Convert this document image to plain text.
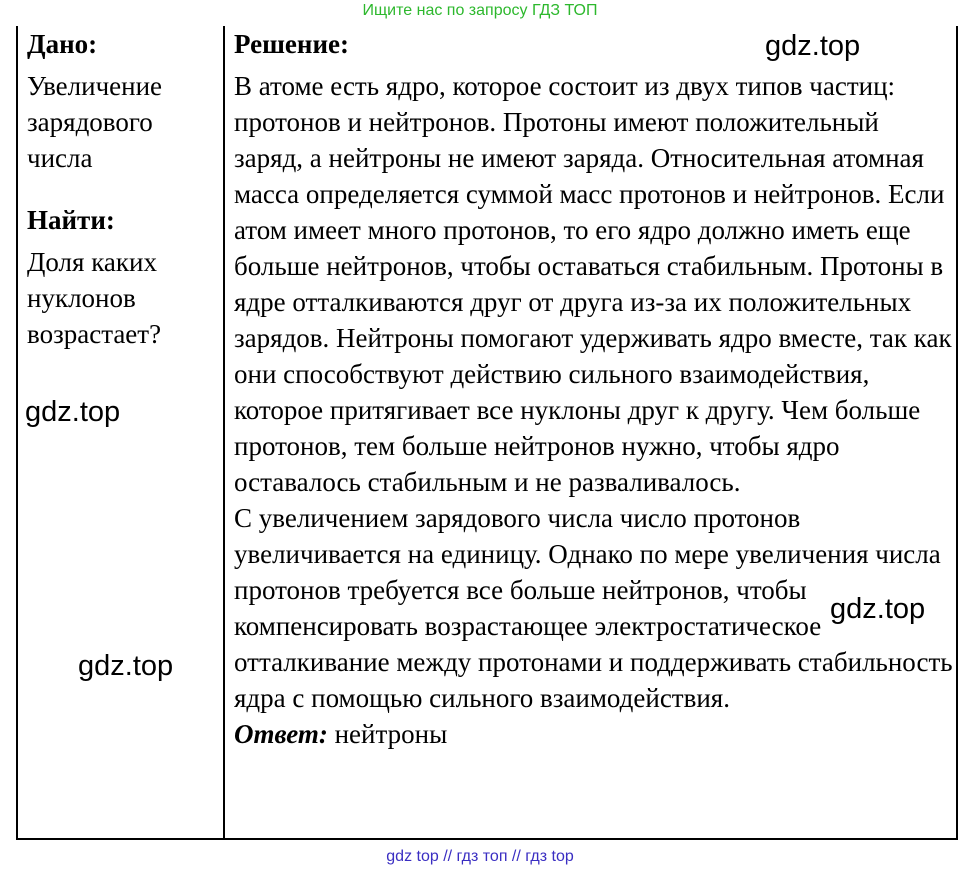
Ищите нас по запросу ГДЗ ТОП
Дано:
Увеличение зарядового числа
Найти:
Доля каких нуклонов возрастает?
Решение:
В атоме есть ядро, которое состоит из двух типов частиц: протонов и нейтронов. Протоны имеют положительный заряд, а нейтроны не имеют заряда. Относительная атомная масса определяется суммой масс протонов и нейтронов. Если атом имеет много протонов, то его ядро должно иметь еще больше нейтронов, чтобы оставаться стабильным. Протоны в ядре отталкиваются друг от друга из-за их положительных зарядов. Нейтроны помогают удерживать ядро вместе, так как они способствуют действию сильного взаимодействия, которое притягивает все нуклоны друг к другу. Чем больше протонов, тем больше нейтронов нужно, чтобы ядро оставалось стабильным и не разваливалось.
С увеличением зарядового числа число протонов увеличивается на единицу. Однако по мере увеличения числа протонов требуется все больше нейтронов, чтобы компенсировать возрастающее электростатическое отталкивание между протонами и поддерживать стабильность ядра с помощью сильного взаимодействия.
Ответ: нейтроны
gdz.top
gdz.top
gdz.top
gdz.top
gdz top // гдз топ // гдз top
